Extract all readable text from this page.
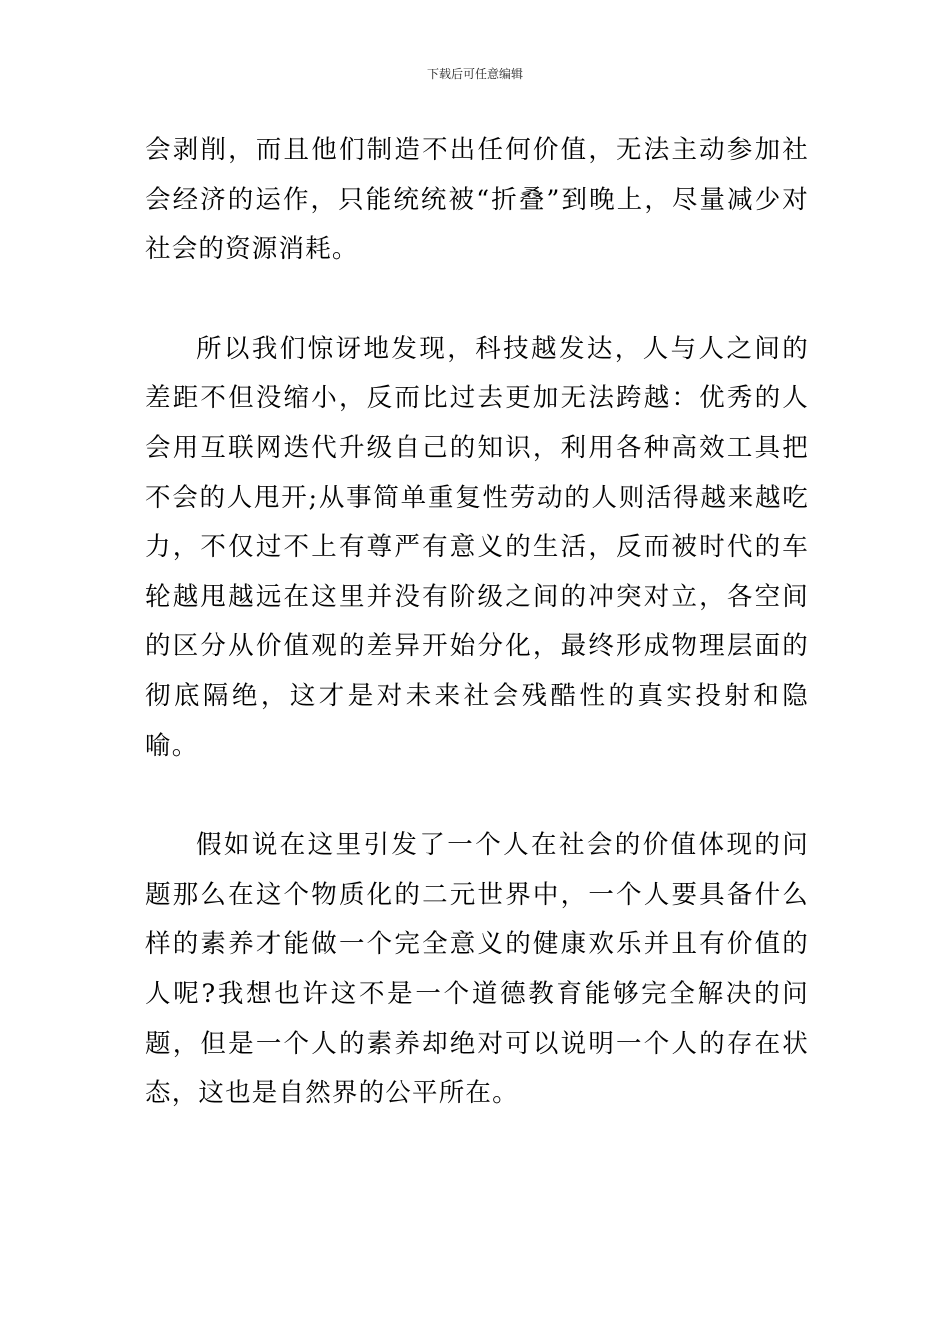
下载后可任意编辑

会剥削，而且他们制造不出任何价值，无法主动参加社会经济的运作，只能统统被“折叠”到晚上，尽量减少对社会的资源消耗。

所以我们惊讶地发现，科技越发达，人与人之间的差距不但没缩小，反而比过去更加无法跨越：优秀的人会用互联网迭代升级自己的知识，利用各种高效工具把不会的人甩开;从事简单重复性劳动的人则活得越来越吃力，不仅过不上有尊严有意义的生活，反而被时代的车轮越甩越远在这里并没有阶级之间的冲突对立，各空间的区分从价值观的差异开始分化，最终形成物理层面的彻底隔绝，这才是对未来社会残酷性的真实投射和隐喻。

假如说在这里引发了一个人在社会的价值体现的问题那么在这个物质化的二元世界中，一个人要具备什么样的素养才能做一个完全意义的健康欢乐并且有价值的人呢?我想也许这不是一个道德教育能够完全解决的问题，但是一个人的素养却绝对可以说明一个人的存在状态，这也是自然界的公平所在。
